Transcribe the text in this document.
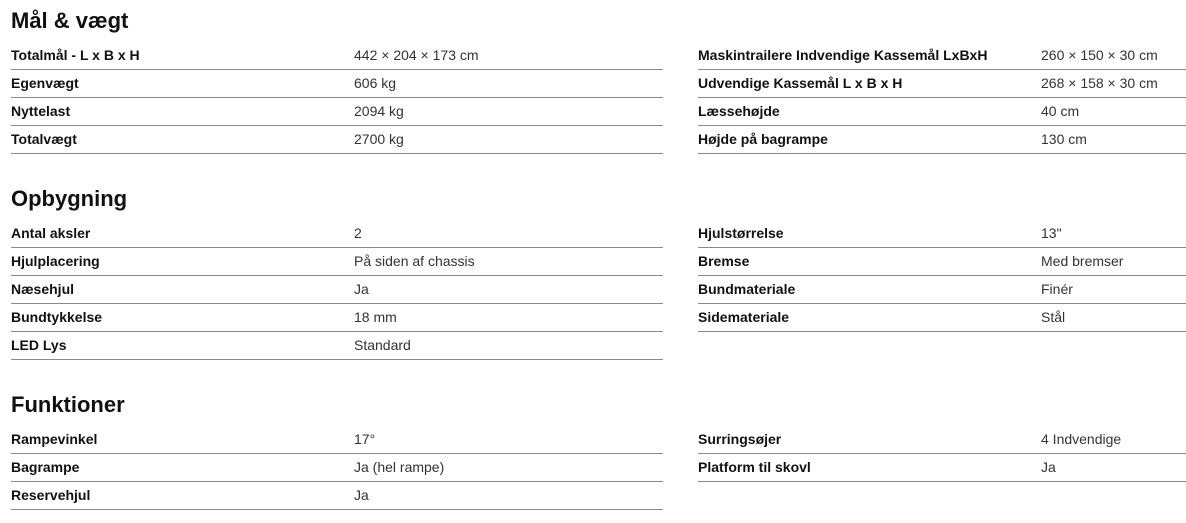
Mål & vægt
Totalmål - L x B x H	442 × 204 × 173 cm
Egenvægt	606 kg
Nyttelast	2094 kg
Totalvægt	2700 kg
Maskintrailere Indvendige Kassemål LxBxH	260 × 150 × 30 cm
Udvendige Kassemål L x B x H	268 × 158 × 30 cm
Læssehøjde	40 cm
Højde på bagrampe	130 cm
Opbygning
Antal aksler	2
Hjulplacering	På siden af chassis
Næsehjul	Ja
Bundtykkelse	18 mm
LED Lys	Standard
Hjulstørrelse	13"
Bremse	Med bremser
Bundmateriale	Finér
Sidemateriale	Stål
Funktioner
Rampevinkel	17°
Bagrampe	Ja (hel rampe)
Reservehjul	Ja
Surringsøjer	4 Indvendige
Platform til skovl	Ja
